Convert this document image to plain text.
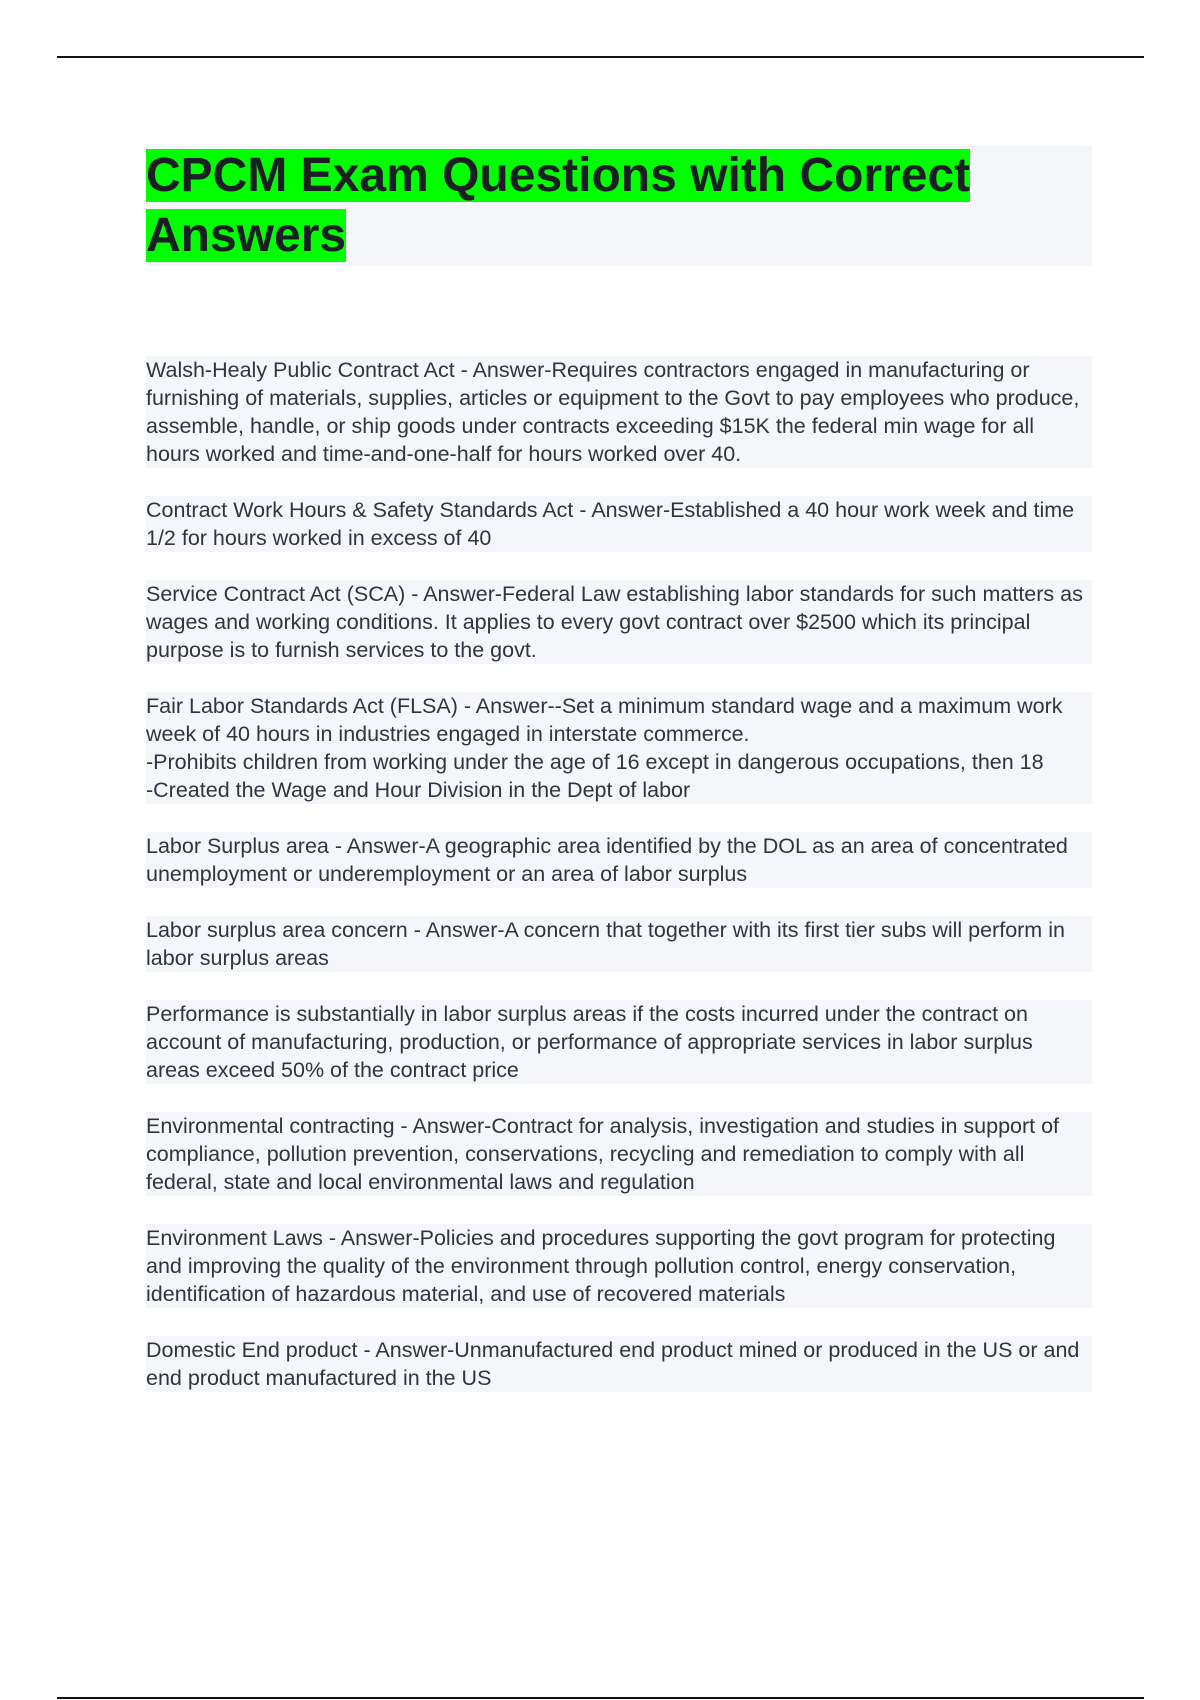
CPCM Exam Questions with Correct Answers

Walsh-Healy Public Contract Act - Answer-Requires contractors engaged in manufacturing or furnishing of materials, supplies, articles or equipment to the Govt to pay employees who produce, assemble, handle, or ship goods under contracts exceeding $15K the federal min wage for all hours worked and time-and-one-half for hours worked over 40.

Contract Work Hours & Safety Standards Act - Answer-Established a 40 hour work week and time 1/2 for hours worked in excess of 40

Service Contract Act (SCA) - Answer-Federal Law establishing labor standards for such matters as wages and working conditions. It applies to every govt contract over $2500 which its principal purpose is to furnish services to the govt.

Fair Labor Standards Act (FLSA) - Answer--Set a minimum standard wage and a maximum work week of 40 hours in industries engaged in interstate commerce.
-Prohibits children from working under the age of 16 except in dangerous occupations, then 18
-Created the Wage and Hour Division in the Dept of labor

Labor Surplus area - Answer-A geographic area identified by the DOL as an area of concentrated unemployment or underemployment or an area of labor surplus

Labor surplus area concern - Answer-A concern that together with its first tier subs will perform in labor surplus areas

Performance is substantially in labor surplus areas if the costs incurred under the contract on account of manufacturing, production, or performance of appropriate services in labor surplus areas exceed 50% of the contract price

Environmental contracting - Answer-Contract for analysis, investigation and studies in support of compliance, pollution prevention, conservations, recycling and remediation to comply with all federal, state and local environmental laws and regulation

Environment Laws - Answer-Policies and procedures supporting the govt program for protecting and improving the quality of the environment through pollution control, energy conservation, identification of hazardous material, and use of recovered materials

Domestic End product - Answer-Unmanufactured end product mined or produced in the US or and end product manufactured in the US
